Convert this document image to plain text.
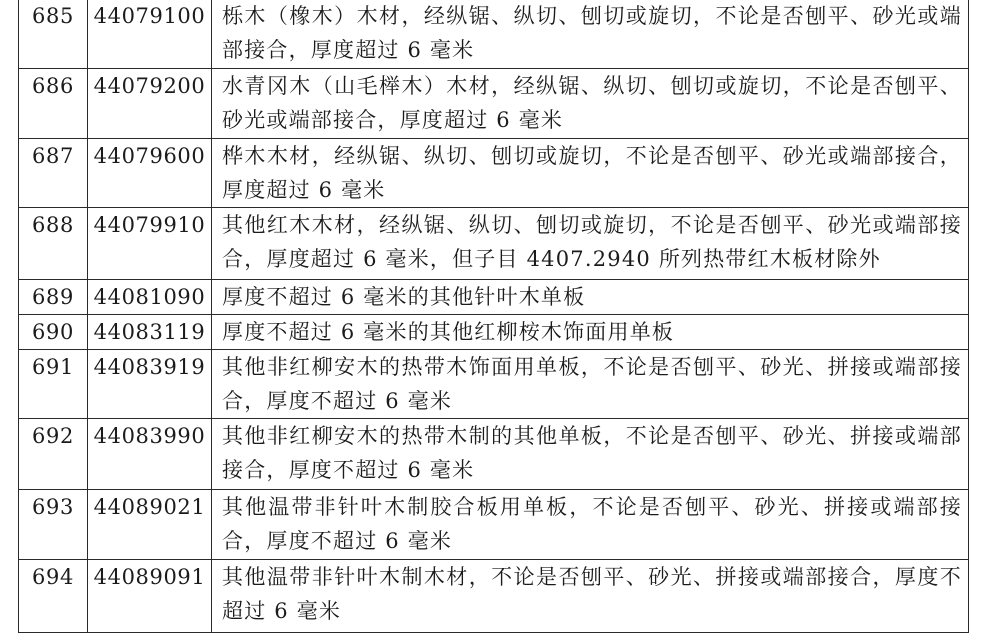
685	44079100	栎木（橡木）木材，经纵锯、纵切、刨切或旋切，不论是否刨平、砂光或端部接合，厚度超过 6 毫米
686	44079200	水青冈木（山毛榉木）木材，经纵锯、纵切、刨切或旋切，不论是否刨平、砂光或端部接合，厚度超过 6 毫米
687	44079600	桦木木材，经纵锯、纵切、刨切或旋切，不论是否刨平、砂光或端部接合，厚度超过 6 毫米
688	44079910	其他红木木材，经纵锯、纵切、刨切或旋切，不论是否刨平、砂光或端部接合，厚度超过 6 毫米，但子目 4407.2940 所列热带红木板材除外
689	44081090	厚度不超过 6 毫米的其他针叶木单板
690	44083119	厚度不超过 6 毫米的其他红柳桉木饰面用单板
691	44083919	其他非红柳安木的热带木饰面用单板，不论是否刨平、砂光、拼接或端部接合，厚度不超过 6 毫米
692	44083990	其他非红柳安木的热带木制的其他单板，不论是否刨平、砂光、拼接或端部接合，厚度不超过 6 毫米
693	44089021	其他温带非针叶木制胶合板用单板，不论是否刨平、砂光、拼接或端部接合，厚度不超过 6 毫米
694	44089091	其他温带非针叶木制木材，不论是否刨平、砂光、拼接或端部接合，厚度不超过 6 毫米
